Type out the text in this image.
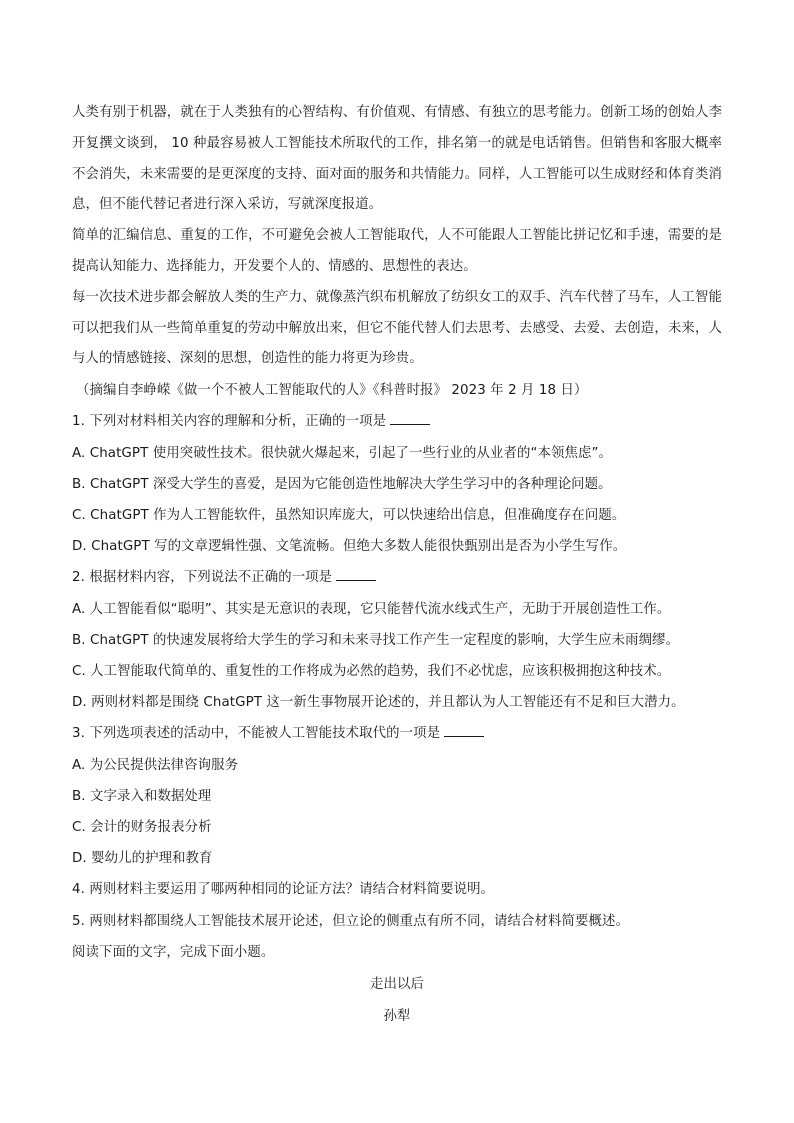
人类有别于机器，就在于人类独有的心智结构、有价值观、有情感、有独立的思考能力。创新工场的创始人李开复撰文谈到， 10 种最容易被人工智能技术所取代的工作，排名第一的就是电话销售。但销售和客服大概率不会消失，未来需要的是更深度的支持、面对面的服务和共情能力。同样，人工智能可以生成财经和体育类消息，但不能代替记者进行深入采访，写就深度报道。

简单的汇编信息、重复的工作，不可避免会被人工智能取代，人不可能跟人工智能比拼记忆和手速，需要的是提高认知能力、选择能力，开发要个人的、情感的、思想性的表达。

每一次技术进步都会解放人类的生产力、就像蒸汽织布机解放了纺织女工的双手、汽车代替了马车，人工智能可以把我们从一些简单重复的劳动中解放出来，但它不能代替人们去思考、去感受、去爱、去创造，未来，人与人的情感链接、深刻的思想，创造性的能力将更为珍贵。

（摘编自李峥嵘《做一个不被人工智能取代的人》《科普时报》 2023 年 2 月 18 日）

1. 下列对材料相关内容的理解和分析，正确的一项是

A. ChatGPT 使用突破性技术。很快就火爆起来，引起了一些行业的从业者的“本领焦虑”。

B. ChatGPT 深受大学生的喜爱，是因为它能创造性地解决大学生学习中的各种理论问题。

C. ChatGPT 作为人工智能软件，虽然知识库庞大，可以快速给出信息，但准确度存在问题。

D. ChatGPT 写的文章逻辑性强、文笔流畅。但绝大多数人能很快甄别出是否为小学生写作。

2. 根据材料内容，下列说法不正确的一项是

A. 人工智能看似“聪明”、其实是无意识的表现，它只能替代流水线式生产，无助于开展创造性工作。

B. ChatGPT 的快速发展将给大学生的学习和未来寻找工作产生一定程度的影响，大学生应未雨绸缪。

C. 人工智能取代简单的、重复性的工作将成为必然的趋势，我们不必忧虑，应该积极拥抱这种技术。

D. 两则材料都是围绕 ChatGPT 这一新生事物展开论述的，并且都认为人工智能还有不足和巨大潜力。

3. 下列选项表述的活动中，不能被人工智能技术取代的一项是

A. 为公民提供法律咨询服务

B. 文字录入和数据处理

C. 会计的财务报表分析

D. 婴幼儿的护理和教育

4. 两则材料主要运用了哪两种相同的论证方法？请结合材料简要说明。

5. 两则材料都围绕人工智能技术展开论述，但立论的侧重点有所不同，请结合材料简要概述。

阅读下面的文字，完成下面小题。

走出以后
孙犁
